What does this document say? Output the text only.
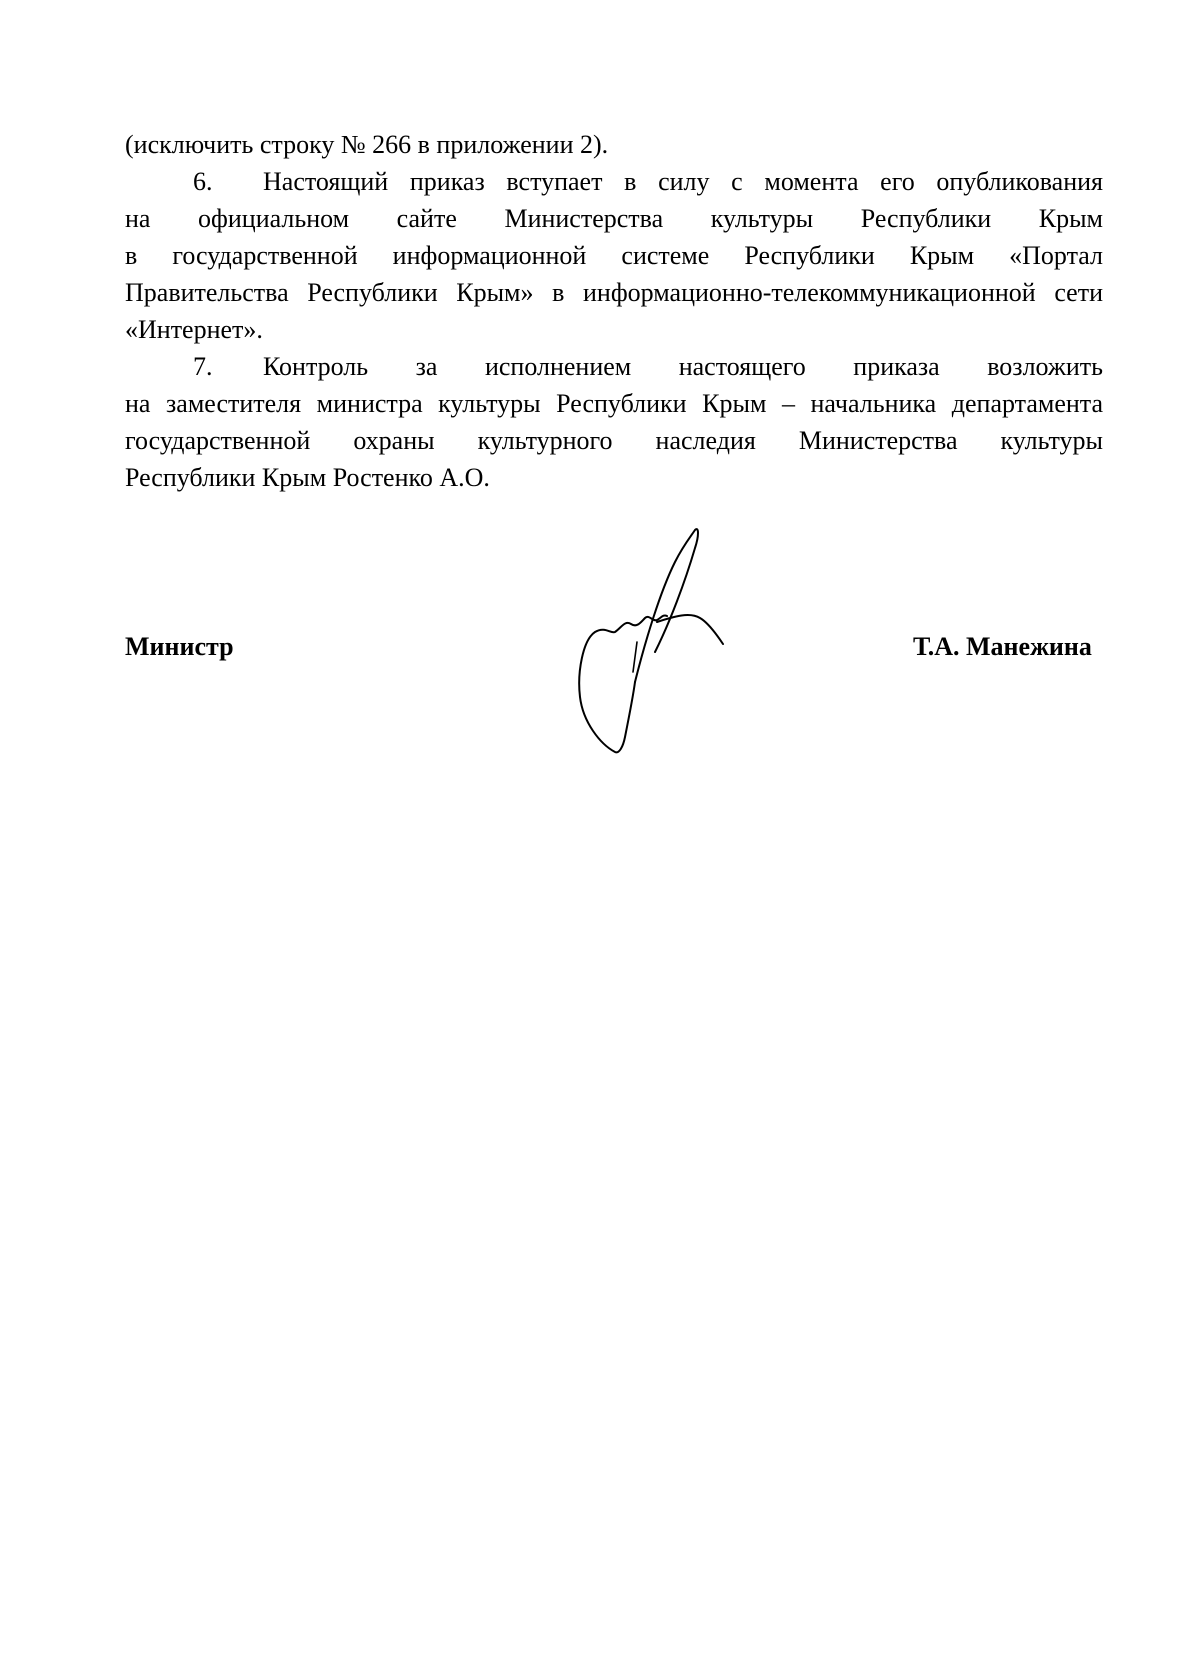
(исключить строку № 266 в приложении 2).
6.	Настоящий приказ вступает в силу с момента его опубликования
на официальном сайте Министерства культуры Республики Крым
в государственной информационной системе Республики Крым «Портал
Правительства Республики Крым» в информационно-телекоммуникационной сети
«Интернет».
7.	Контроль за исполнением настоящего приказа возложить
на заместителя министра культуры Республики Крым – начальника департамента
государственной охраны культурного наследия Министерства культуры
Республики Крым Ростенко А.О.
Министр	Т.А. Манежина
